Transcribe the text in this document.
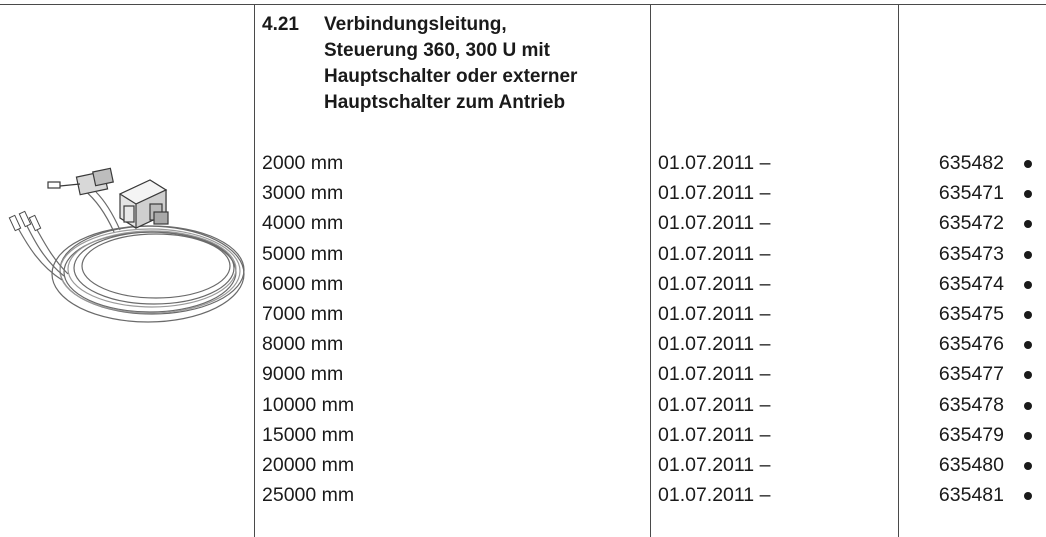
4.21 Verbindungsleitung,
Steuerung 360, 300 U mit
Hauptschalter oder externer
Hauptschalter zum Antrieb
2000 mm	01.07.2011 –	635482
3000 mm	01.07.2011 –	635471
4000 mm	01.07.2011 –	635472
5000 mm	01.07.2011 –	635473
6000 mm	01.07.2011 –	635474
7000 mm	01.07.2011 –	635475
8000 mm	01.07.2011 –	635476
9000 mm	01.07.2011 –	635477
10000 mm	01.07.2011 –	635478
15000 mm	01.07.2011 –	635479
20000 mm	01.07.2011 –	635480
25000 mm	01.07.2011 –	635481
